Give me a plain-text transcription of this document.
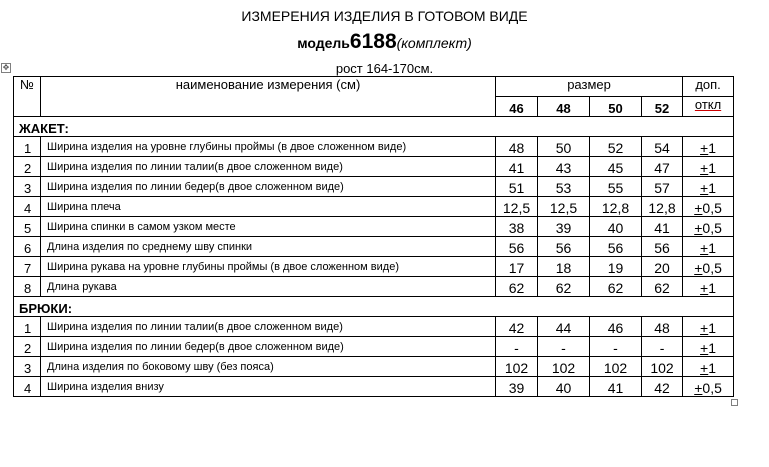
ИЗМЕРЕНИЯ ИЗДЕЛИЯ В ГОТОВОМ ВИДЕ
модель6188(комплект)
рост 164-170см.
✥
№	наименование измерения (см)	размер				доп.
		46	48	50	52	откл
ЖАКЕТ:						
1	Ширина изделия на уровне глубины проймы (в двое сложенном виде)	48	50	52	54	+1
2	Ширина изделия по линии талии(в двое сложенном виде)	41	43	45	47	+1
3	Ширина изделия по линии бедер(в двое сложенном виде)	51	53	55	57	+1
4	Ширина плеча	12,5	12,5	12,8	12,8	+0,5
5	Ширина спинки в самом узком месте	38	39	40	41	+0,5
6	Длина изделия по среднему шву спинки	56	56	56	56	+1
7	Ширина рукава на уровне глубины проймы (в двое сложенном виде)	17	18	19	20	+0,5
8	Длина рукава	62	62	62	62	+1
БРЮКИ:						
1	Ширина изделия по линии талии(в двое сложенном виде)	42	44	46	48	+1
2	Ширина изделия по линии бедер(в двое сложенном виде)	-	-	-	-	+1
3	Длина изделия по боковому шву (без пояса)	102	102	102	102	+1
4	Ширина изделия внизу	39	40	41	42	+0,5
